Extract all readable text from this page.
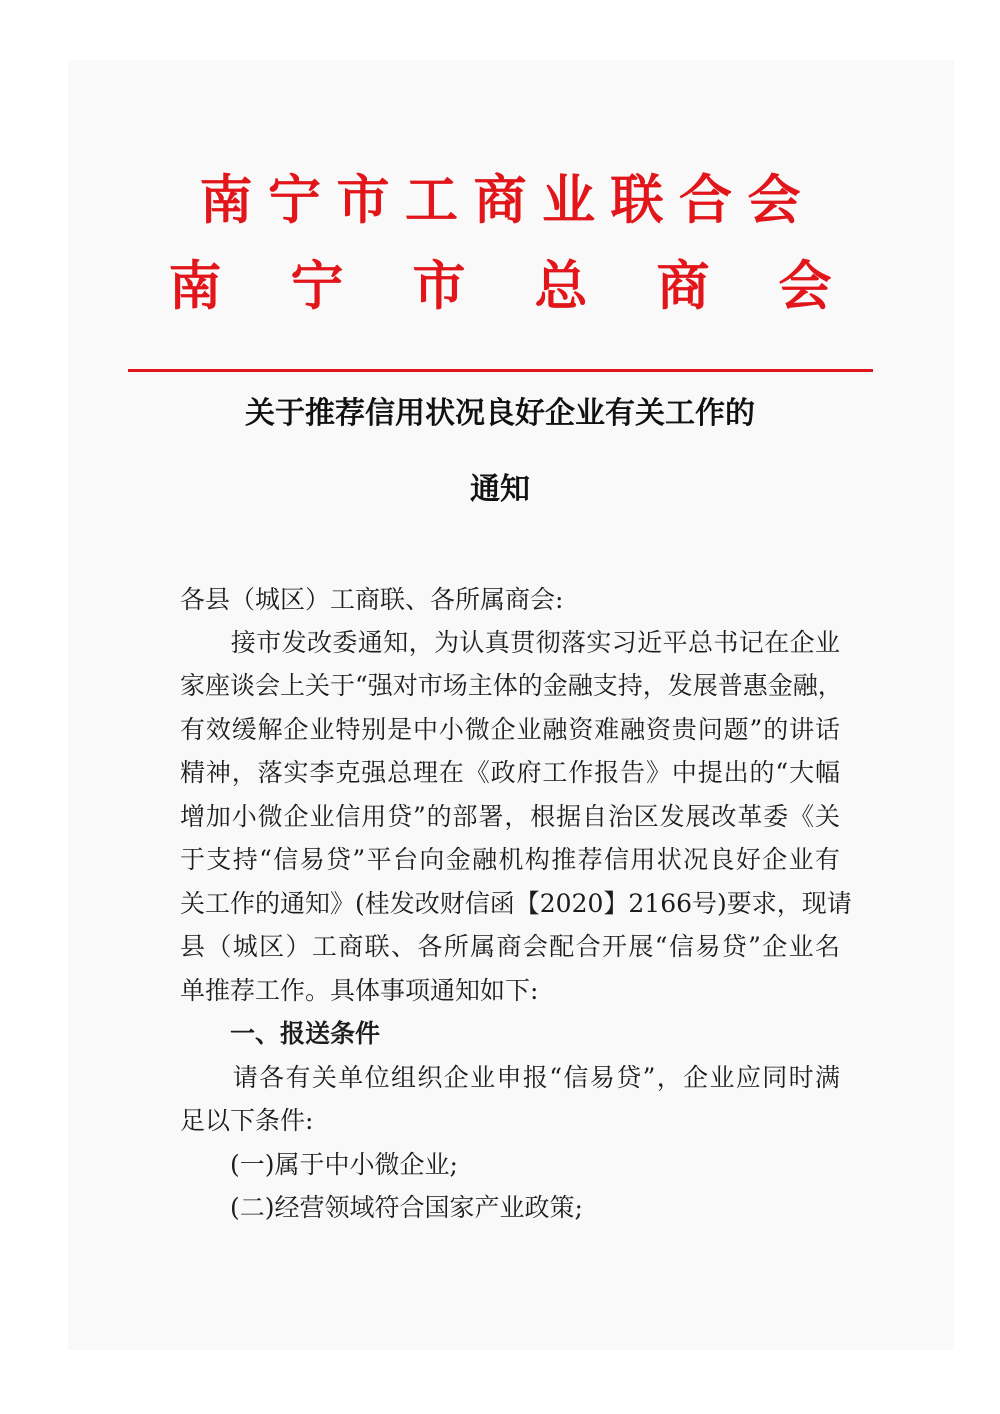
南 宁 市 工 商 业 联 合 会
南 宁 市 总 商 会
关于推荐信用状况良好企业有关工作的
通知
各县（城区）工商联、各所属商会:
　　接市发改委通知，为认真贯彻落实习近平总书记在企业
家座谈会上关于“强对市场主体的金融支持，发展普惠金融，
有效缓解企业特别是中小微企业融资难融资贵问题”的讲话
精神，落实李克强总理在《政府工作报告》中提出的“大幅
增加小微企业信用贷”的部署，根据自治区发展改革委《关
于支持“信易贷”平台向金融机构推荐信用状况良好企业有
关工作的通知》(桂发改财信函【2020】2166号)要求，现请
县（城区）工商联、各所属商会配合开展“信易贷”企业名
单推荐工作。具体事项通知如下:
　　一、报送条件
　　请各有关单位组织企业申报“信易贷”，企业应同时满
足以下条件:
　　(一)属于中小微企业;
　　(二)经营领域符合国家产业政策;
